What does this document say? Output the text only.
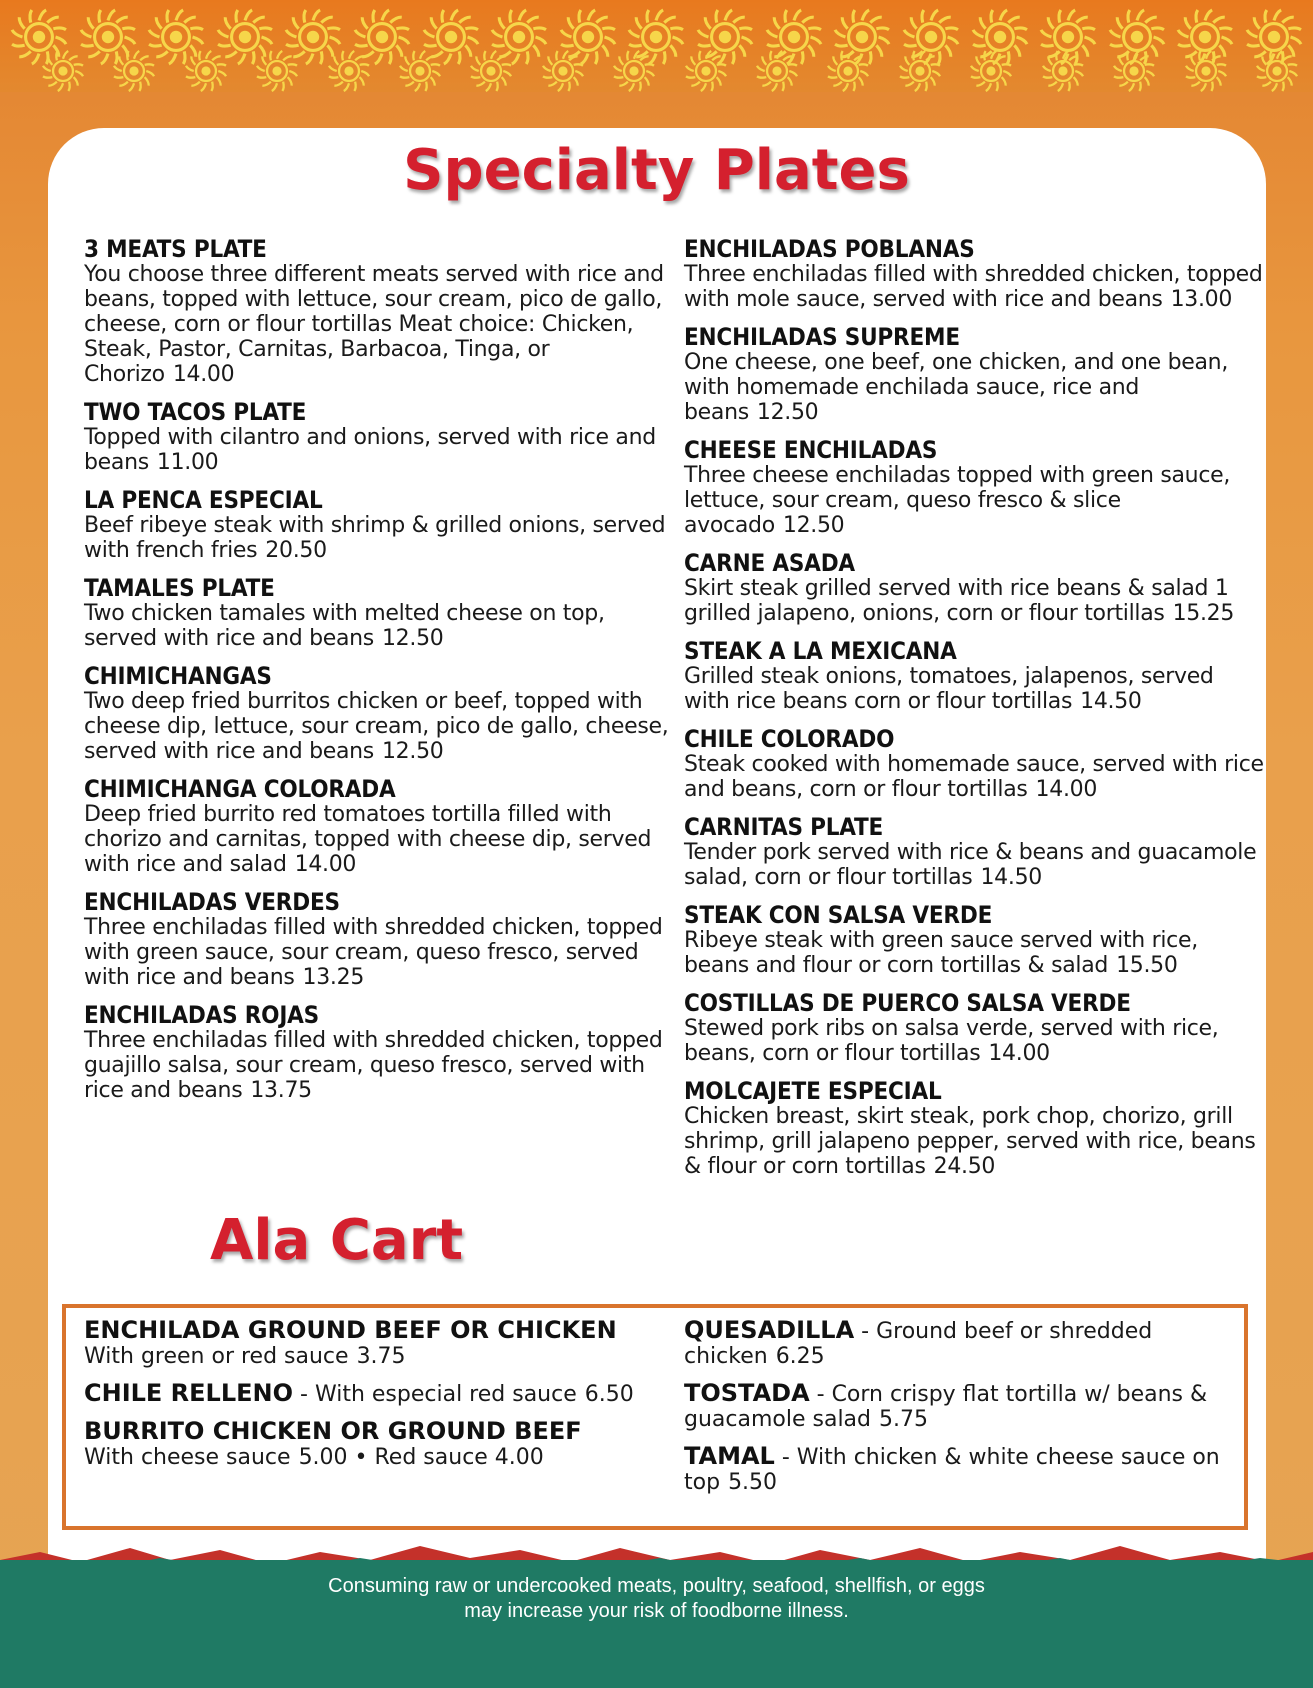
Specialty Plates
3 MEATS PLATE
You choose three different meats served with rice and beans, topped with lettuce, sour cream, pico de gallo, cheese, corn or flour tortillas Meat choice: Chicken, Steak, Pastor, Carnitas, Barbacoa, Tinga, or Chorizo 14.00
TWO TACOS PLATE
Topped with cilantro and onions, served with rice and beans 11.00
LA PENCA ESPECIAL
Beef ribeye steak with shrimp & grilled onions, served with french fries 20.50
TAMALES PLATE
Two chicken tamales with melted cheese on top, served with rice and beans 12.50
CHIMICHANGAS
Two deep fried burritos chicken or beef, topped with cheese dip, lettuce, sour cream, pico de gallo, cheese, served with rice and beans 12.50
CHIMICHANGA COLORADA
Deep fried burrito red tomatoes tortilla filled with chorizo and carnitas, topped with cheese dip, served with rice and salad 14.00
ENCHILADAS VERDES
Three enchiladas filled with shredded chicken, topped with green sauce, sour cream, queso fresco, served with rice and beans 13.25
ENCHILADAS ROJAS
Three enchiladas filled with shredded chicken, topped guajillo salsa, sour cream, queso fresco, served with rice and beans 13.75
ENCHILADAS POBLANAS
Three enchiladas filled with shredded chicken, topped with mole sauce, served with rice and beans 13.00
ENCHILADAS SUPREME
One cheese, one beef, one chicken, and one bean, with homemade enchilada sauce, rice and beans 12.50
CHEESE ENCHILADAS
Three cheese enchiladas topped with green sauce, lettuce, sour cream, queso fresco & slice avocado 12.50
CARNE ASADA
Skirt steak grilled served with rice beans & salad 1 grilled jalapeno, onions, corn or flour tortillas 15.25
STEAK A LA MEXICANA
Grilled steak onions, tomatoes, jalapenos, served with rice beans corn or flour tortillas 14.50
CHILE COLORADO
Steak cooked with homemade sauce, served with rice and beans, corn or flour tortillas 14.00
CARNITAS PLATE
Tender pork served with rice & beans and guacamole salad, corn or flour tortillas 14.50
STEAK CON SALSA VERDE
Ribeye steak with green sauce served with rice, beans and flour or corn tortillas & salad 15.50
COSTILLAS DE PUERCO SALSA VERDE
Stewed pork ribs on salsa verde, served with rice, beans, corn or flour tortillas 14.00
MOLCAJETE ESPECIAL
Chicken breast, skirt steak, pork chop, chorizo, grill shrimp, grill jalapeno pepper, served with rice, beans & flour or corn tortillas 24.50
Ala Cart
ENCHILADA GROUND BEEF OR CHICKEN
With green or red sauce 3.75
CHILE RELLENO - With especial red sauce 6.50
BURRITO CHICKEN OR GROUND BEEF
With cheese sauce 5.00 • Red sauce 4.00
QUESADILLA - Ground beef or shredded chicken 6.25
TOSTADA - Corn crispy flat tortilla w/ beans & guacamole salad 5.75
TAMAL - With chicken & white cheese sauce on top 5.50
Consuming raw or undercooked meats, poultry, seafood, shellfish, or eggs
may increase your risk of foodborne illness.
